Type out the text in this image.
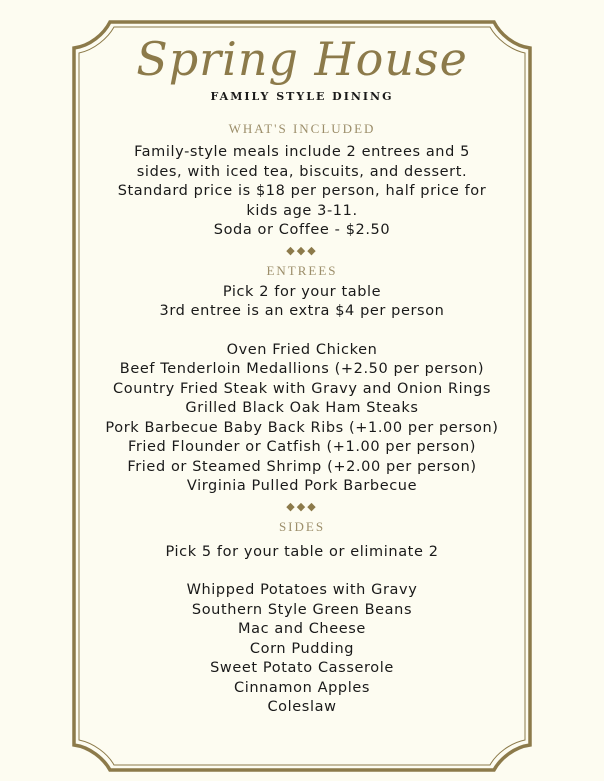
Spring House
FAMILY STYLE DINING
WHAT'S INCLUDED
Family-style meals include 2 entrees and 5
sides, with iced tea, biscuits, and dessert.
Standard price is $18 per person, half price for
kids age 3-11.
Soda or Coffee - $2.50
◆◆◆
ENTREES
Pick 2 for your table
3rd entree is an extra $4 per person
Oven Fried Chicken
Beef Tenderloin Medallions (+2.50 per person)
Country Fried Steak with Gravy and Onion Rings
Grilled Black Oak Ham Steaks
Pork Barbecue Baby Back Ribs (+1.00 per person)
Fried Flounder or Catfish (+1.00 per person)
Fried or Steamed Shrimp (+2.00 per person)
Virginia Pulled Pork Barbecue
◆◆◆
SIDES
Pick 5 for your table or eliminate 2
Whipped Potatoes with Gravy
Southern Style Green Beans
Mac and Cheese
Corn Pudding
Sweet Potato Casserole
Cinnamon Apples
Coleslaw
